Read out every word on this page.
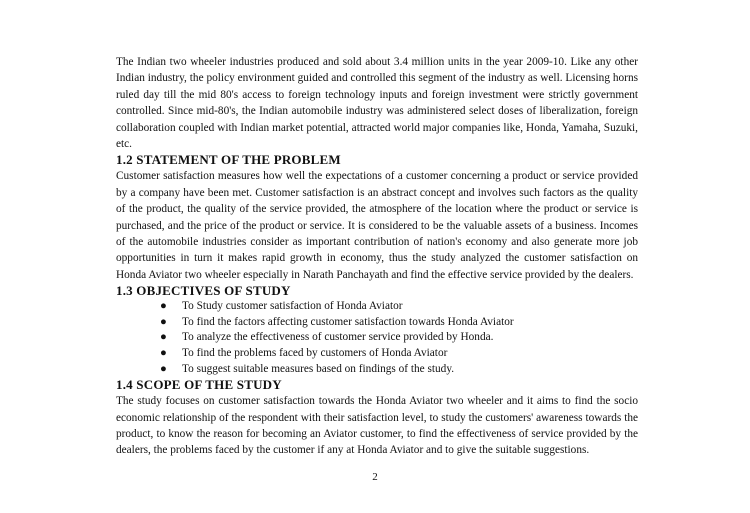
The Indian two wheeler industries produced and sold about 3.4 million units in the year 2009-10. Like any other Indian industry, the policy environment guided and controlled this segment of the industry as well. Licensing horns ruled day till the mid 80's access to foreign technology inputs and foreign investment were strictly government controlled. Since mid-80's, the Indian automobile industry was administered select doses of liberalization, foreign collaboration coupled with Indian market potential, attracted world major companies like, Honda, Yamaha, Suzuki, etc.

1.2 STATEMENT OF THE PROBLEM

Customer satisfaction measures how well the expectations of a customer concerning a product or service provided by a company have been met. Customer satisfaction is an abstract concept and involves such factors as the quality of the product, the quality of the service provided, the atmosphere of the location where the product or service is purchased, and the price of the product or service. It is considered to be the valuable assets of a business. Incomes of the automobile industries consider as important contribution of nation's economy and also generate more job opportunities in turn it makes rapid growth in economy, thus the study analyzed the customer satisfaction on Honda Aviator two wheeler especially in Narath Panchayath and find the effective service provided by the dealers.

1.3 OBJECTIVES OF STUDY
● To Study customer satisfaction of Honda Aviator
● To find the factors affecting customer satisfaction towards Honda Aviator
● To analyze the effectiveness of customer service provided by Honda.
● To find the problems faced by customers of Honda Aviator
● To suggest suitable measures based on findings of the study.
1.4 SCOPE OF THE STUDY

The study focuses on customer satisfaction towards the Honda Aviator two wheeler and it aims to find the socio economic relationship of the respondent with their satisfaction level, to study the customers' awareness towards the product, to know the reason for becoming an Aviator customer, to find the effectiveness of service provided by the dealers, the problems faced by the customer if any at Honda Aviator and to give the suitable suggestions.

2
